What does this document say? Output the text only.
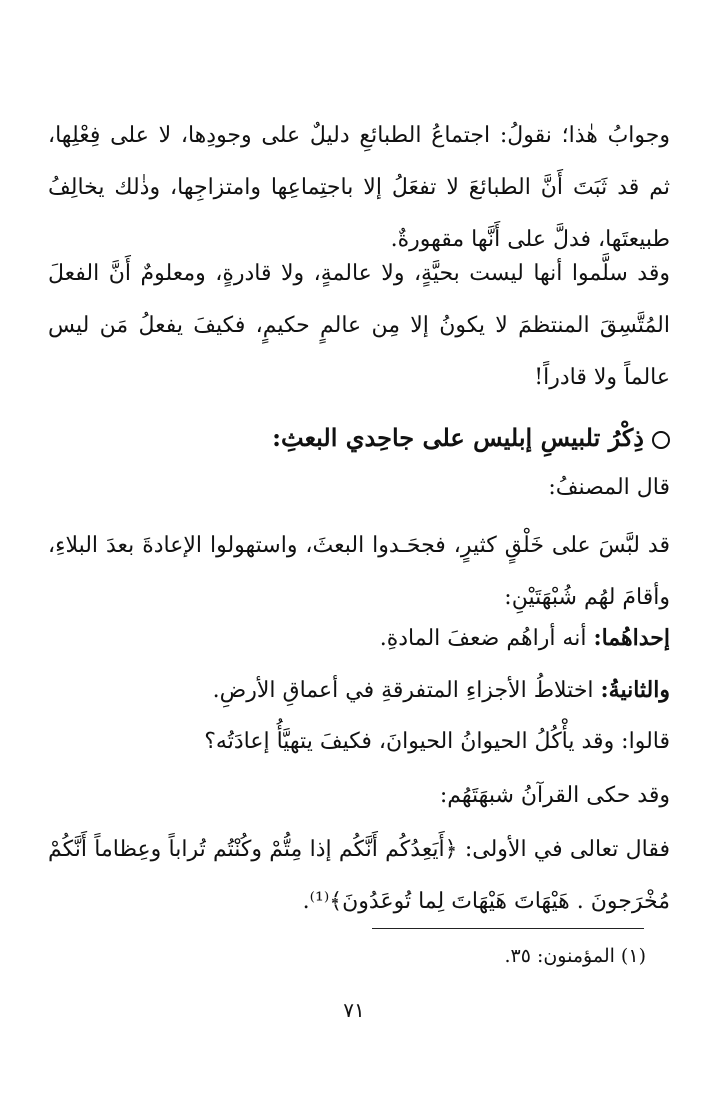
وجوابُ هٰذا؛ نقولُ: اجتماعُ الطبائعِ دليلٌ على وجودِها، لا على فِعْلِها، ثم قد ثَبَتَ أَنَّ الطبائعَ لا تفعَلُ إلا باجتِماعِها وامتزاجِها، وذٰلك يخالِفُ طبيعتَها، فدلَّ على أَنَّها مقهورةٌ.
وقد سلَّموا أنها ليست بحيَّةٍ، ولا عالمةٍ، ولا قادرةٍ، ومعلومٌ أَنَّ الفعلَ المُتَّسِقَ المنتظمَ لا يكونُ إلا مِن عالمٍ حكيمٍ، فكيفَ يفعلُ مَن ليس عالماً ولا قادراً!
ذِكْرُ تلبيسِ إبليس على جاحِدي البعثِ:
قال المصنفُ:
قد لبَّسَ على خَلْقٍ كثيرٍ، فجحَـدوا البعثَ، واستهولوا الإعادةَ بعدَ البلاءِ، وأقامَ لهُم شُبْهَتَيْنِ:
إحداهُما: أنه أراهُم ضعفَ المادةِ.
والثانيةُ: اختلاطُ الأجزاءِ المتفرقةِ في أعماقِ الأرضِ.
قالوا: وقد يأْكُلُ الحيوانُ الحيوانَ، فكيفَ يتهيَّأُ إعادَتُه؟
وقد حكى القرآنُ شبهَتَهُم:
فقال تعالى في الأولى: ﴿أَيَعِدُكُم أَنَّكُم إذا مِتُّمْ وكُنْتُم تُراباً وعِظاماً أَنَّكُمْ مُخْرَجونَ . هَيْهَاتَ هَيْهَاتَ لِما تُوعَدُونَ﴾⁽¹⁾.
(١) المؤمنون: ٣٥.
٧١
